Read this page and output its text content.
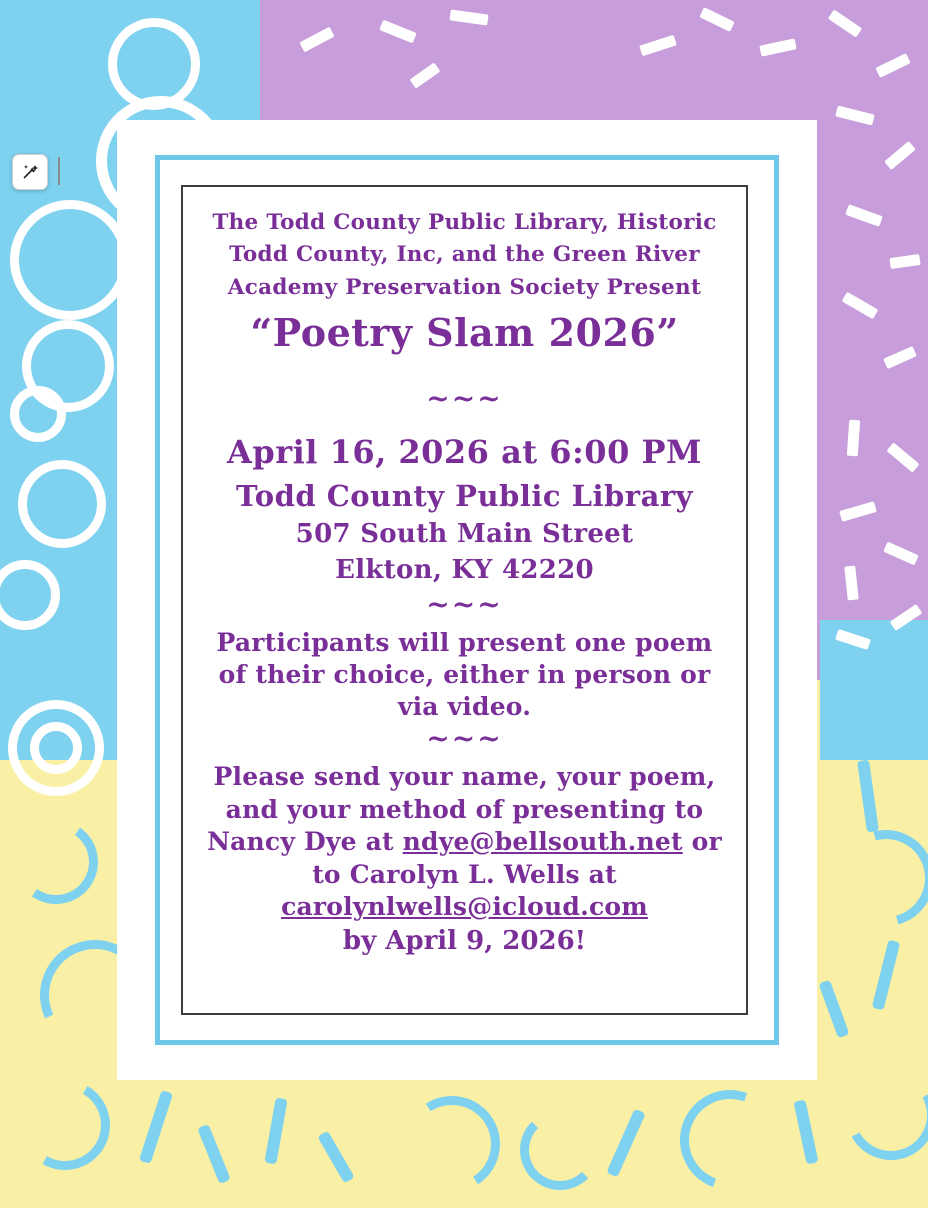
The Todd County Public Library, Historic
Todd County, Inc, and the Green River
Academy Preservation Society Present
“Poetry Slam 2026”
~~~
April 16, 2026 at 6:00 PM
Todd County Public Library
507 South Main Street
Elkton, KY 42220
~~~
Participants will present one poem of their choice, either in person or via video.
~~~
Please send your name, your poem, and your method of presenting to Nancy Dye at ndye@bellsouth.net or to Carolyn L. Wells at carolynlwells@icloud.com
by April 9, 2026!
